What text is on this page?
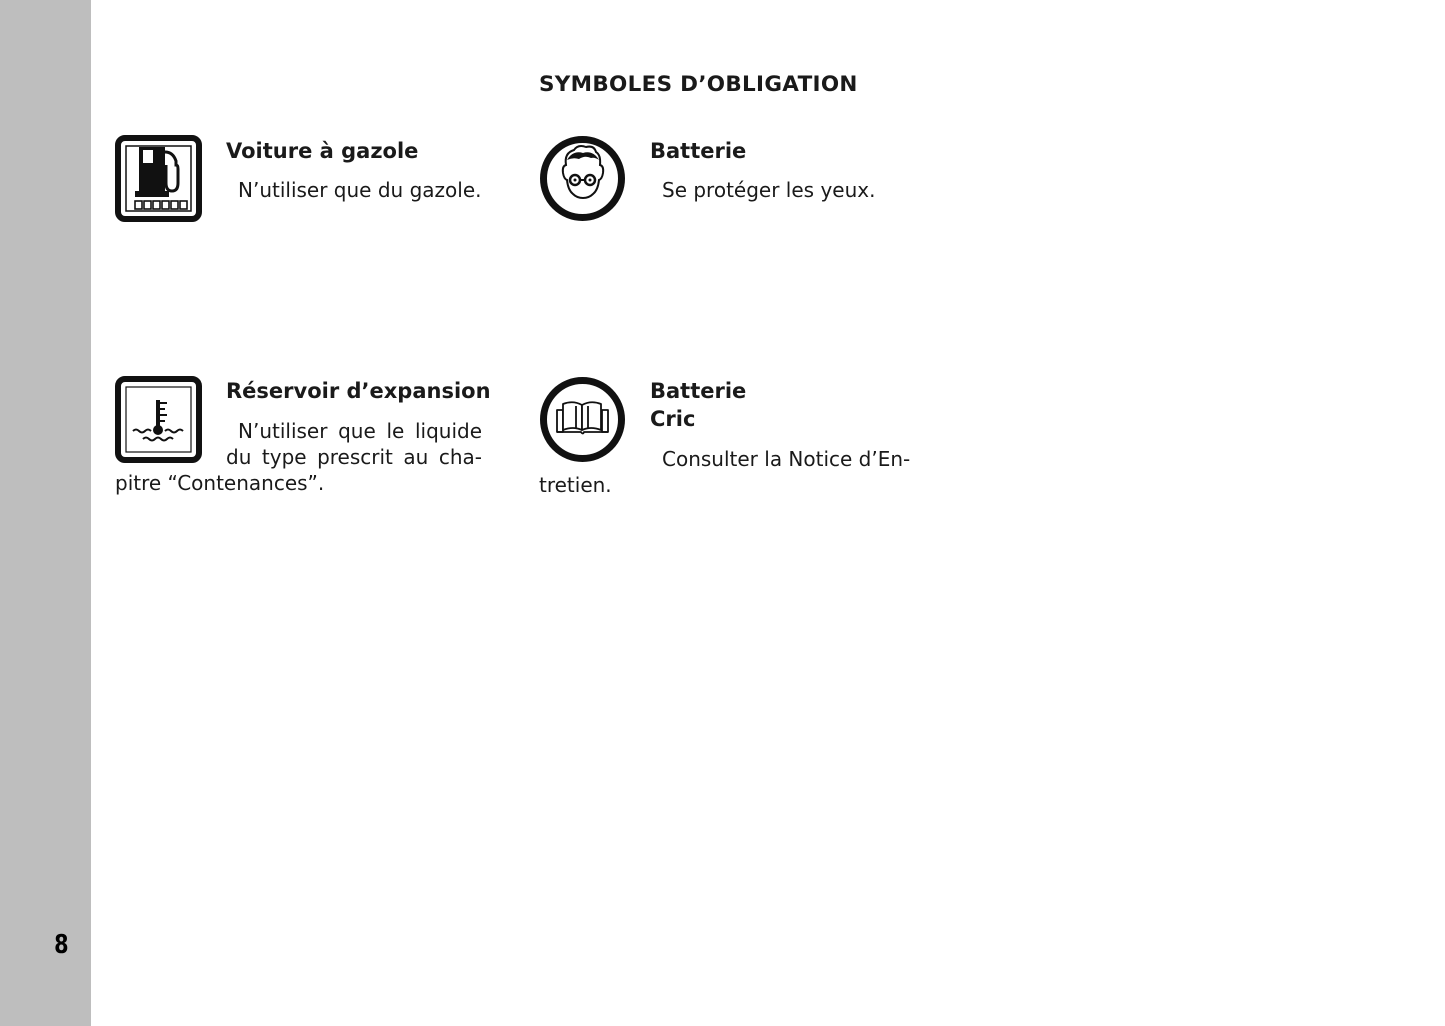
8
SYMBOLES D’OBLIGATION
Voiture à gazole
N’utiliser que du gazole.
Batterie
Se protéger les yeux.
Réservoir d’expansion
N’utiliser que le liquide
du type prescrit au cha-
pitre “Contenances”.
Batterie
Cric
Consulter la Notice d’En-
tretien.
